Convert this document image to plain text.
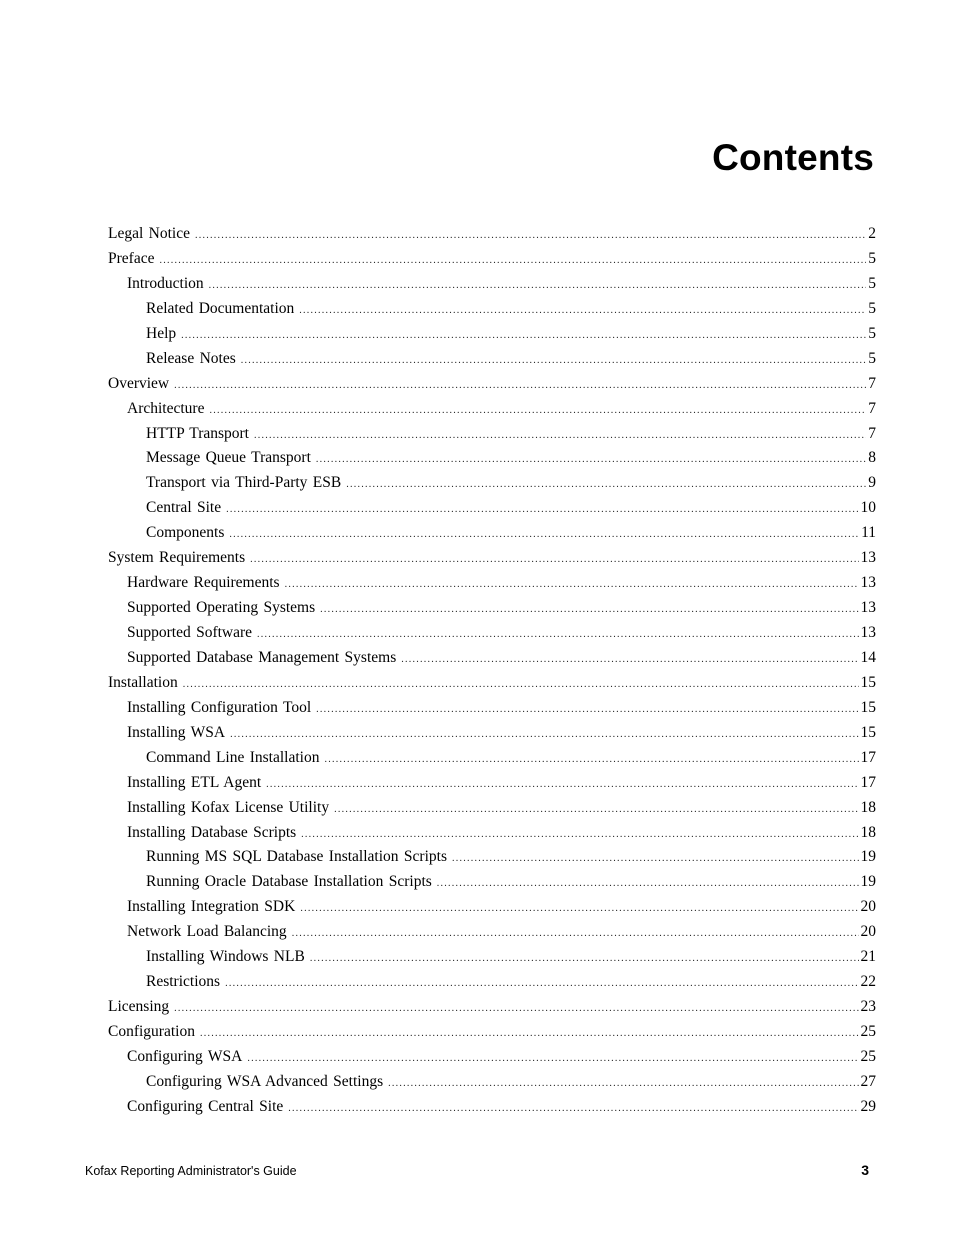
Contents
Legal Notice .....	2
Preface .....	5
Introduction .....	5
Related Documentation .....	5
Help .....	5
Release Notes .....	5
Overview .....	7
Architecture .....	7
HTTP Transport .....	7
Message Queue Transport .....	8
Transport via Third-Party ESB .....	9
Central Site .....	10
Components .....	11
System Requirements .....	13
Hardware Requirements .....	13
Supported Operating Systems .....	13
Supported Software .....	13
Supported Database Management Systems .....	14
Installation .....	15
Installing Configuration Tool .....	15
Installing WSA .....	15
Command Line Installation .....	17
Installing ETL Agent .....	17
Installing Kofax License Utility .....	18
Installing Database Scripts .....	18
Running MS SQL Database Installation Scripts .....	19
Running Oracle Database Installation Scripts .....	19
Installing Integration SDK .....	20
Network Load Balancing .....	20
Installing Windows NLB .....	21
Restrictions .....	22
Licensing .....	23
Configuration .....	25
Configuring WSA .....	25
Configuring WSA Advanced Settings .....	27
Configuring Central Site .....	29
Kofax Reporting Administrator's Guide	3
